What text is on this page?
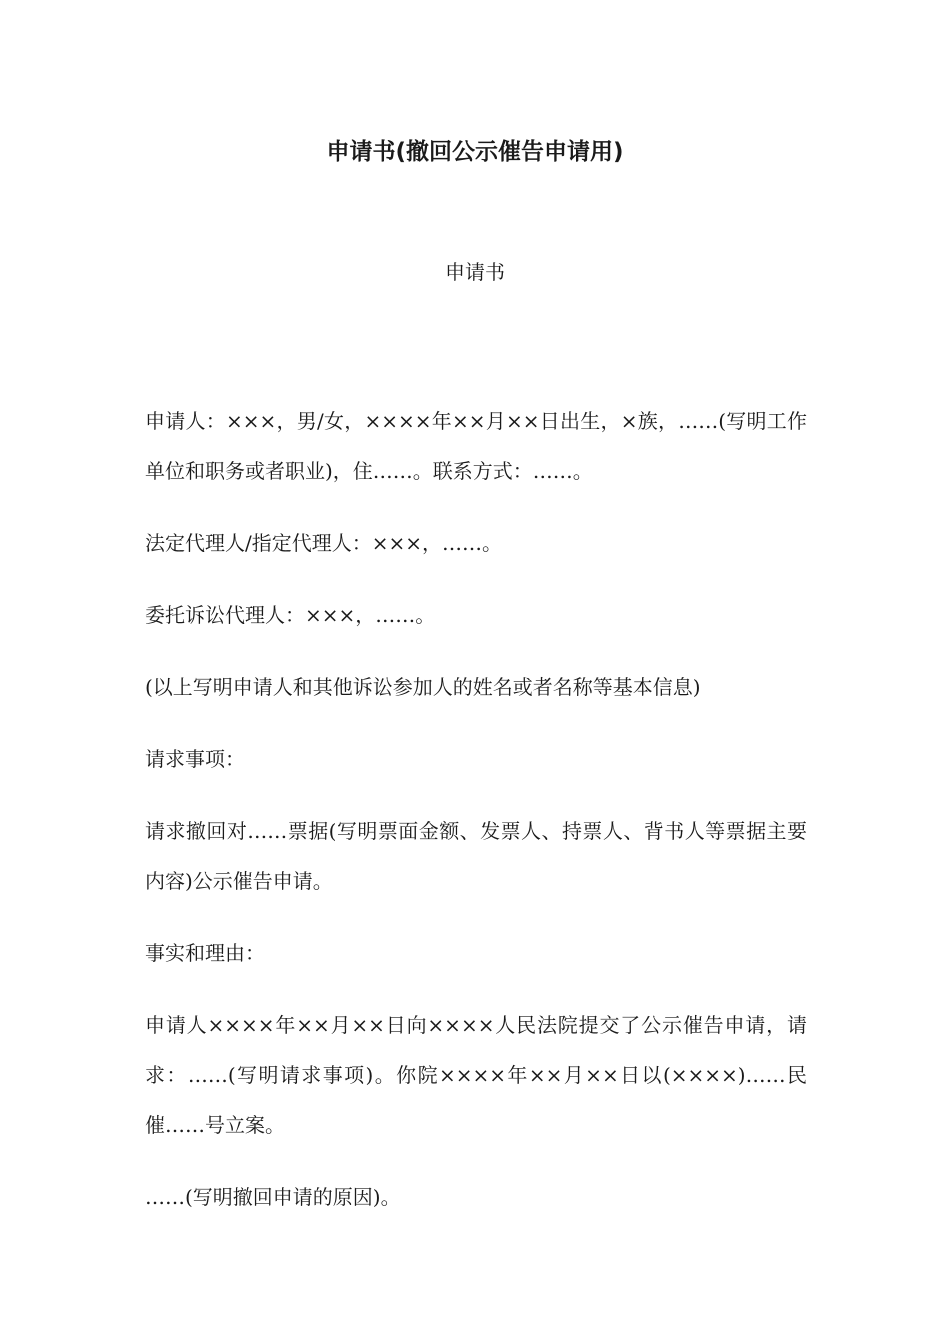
申请书(撤回公示催告申请用)
申请书

申请人：×××，男/女，××××年××月××日出生，×族，……(写明工作单位和职务或者职业)，住……。联系方式：……。

法定代理人/指定代理人：×××，……。

委托诉讼代理人：×××，……。

(以上写明申请人和其他诉讼参加人的姓名或者名称等基本信息)

请求事项：

请求撤回对……票据(写明票面金额、发票人、持票人、背书人等票据主要内容)公示催告申请。

事实和理由：

申请人××××年××月××日向××××人民法院提交了公示催告申请，请求：……(写明请求事项)。你院××××年××月××日以(××××)……民催……号立案。

……(写明撤回申请的原因)。
